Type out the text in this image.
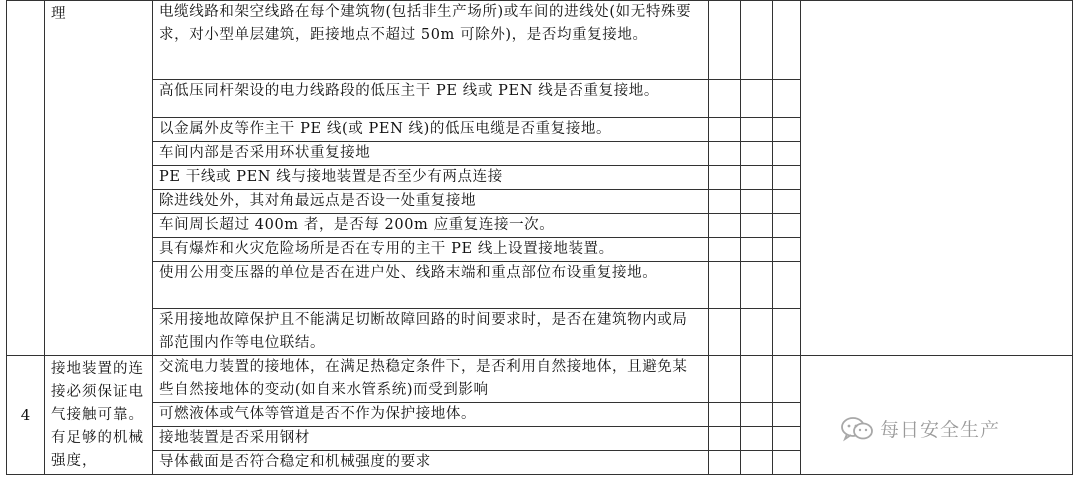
	理	电缆线路和架空线路在每个建筑物(包括非生产场所)或车间的进线处(如无特殊要求，对小型单层建筑，距接地点不超过 50m 可除外)，是否均重复接地。				
		高低压同杆架设的电力线路段的低压主干 PE 线或 PEN 线是否重复接地。				
		以金属外皮等作主干 PE 线(或 PEN 线)的低压电缆是否重复接地。				
		车间内部是否采用环状重复接地				
		PE 干线或 PEN 线与接地装置是否至少有两点连接				
		除进线处外，其对角最远点是否设一处重复接地				
		车间周长超过 400m 者，是否每 200m 应重复连接一次。				
		具有爆炸和火灾危险场所是否在专用的主干 PE 线上设置接地装置。				
		使用公用变压器的单位是否在进户处、线路末端和重点部位布设重复接地。				
		采用接地故障保护且不能满足切断故障回路的时间要求时，是否在建筑物内或局部范围内作等电位联结。				
4	接地装置的连接必须保证电气接触可靠。有足够的机械强度，	交流电力装置的接地体，在满足热稳定条件下，是否利用自然接地体，且避免某些自然接地体的变动(如自来水管系统)而受到影响				
		可燃液体或气体等管道是否不作为保护接地体。				
		接地装置是否采用钢材				
		导体截面是否符合稳定和机械强度的要求				
每日安全生产
